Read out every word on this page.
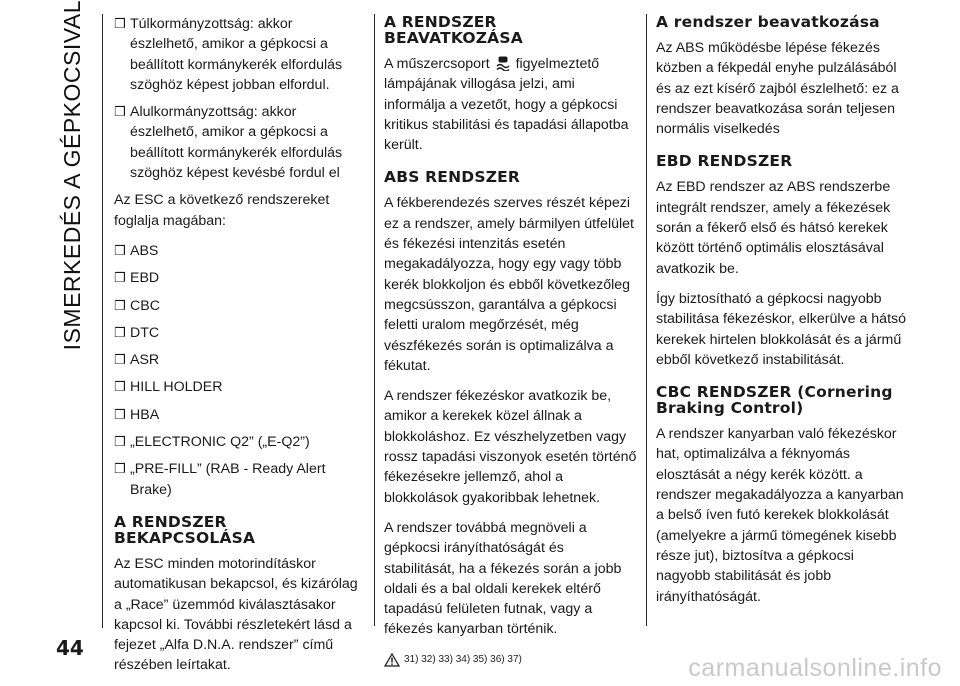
ISMERKEDÉS A GÉPKOCSIVAL ❒ Túlkormányzottság: akkor észlelhető, amikor a gépkocsi a beállított kormánykerék elfordulás szöghöz képest jobban elfordul.
❒ Alulkormányzottság: akkor észlelhető, amikor a gépkocsi a beállított kormánykerék elfordulás szöghöz képest kevésbé fordul el

Az ESC a következő rendszereket foglalja magában:

❒ ABS
❒ EBD
❒ CBC
❒ DTC
❒ ASR
❒ HILL HOLDER
❒ HBA
❒ „ELECTRONIC Q2” („E-Q2”)
❒ „PRE-FILL” (RAB - Ready Alert Brake)
A RENDSZER BEKAPCSOLÁSA

Az ESC minden motorindításkor automatikusan bekapcsol, és kizárólag a „Race” üzemmód kiválasztásakor kapcsol ki. További részletekért lásd a fejezet „Alfa D.N.A. rendszer” című részében leírtakat.

A RENDSZER BEAVATKOZÁSA

A műszercsoport figyelmeztető lámpájának villogása jelzi, ami informálja a vezetőt, hogy a gépkocsi kritikus stabilitási és tapadási állapotba került.

ABS RENDSZER

A fékberendezés szerves részét képezi ez a rendszer, amely bármilyen útfelület és fékezési intenzitás esetén megakadályozza, hogy egy vagy több kerék blokkoljon és ebből következőleg megcsússzon, garantálva a gépkocsi feletti uralom megőrzését, még vészfékezés során is optimalizálva a fékutat.

A rendszer fékezéskor avatkozik be, amikor a kerekek közel állnak a blokkoláshoz. Ez vészhelyzetben vagy rossz tapadási viszonyok esetén történő fékezésekre jellemző, ahol a blokkolások gyakoribbak lehetnek.

A rendszer továbbá megnöveli a gépkocsi irányíthatóságát és stabilitását, ha a fékezés során a jobb oldali és a bal oldali kerekek eltérő tapadású felületen futnak, vagy a fékezés kanyarban történik.

31) 32) 33) 34) 35) 36) 37)
A rendszer beavatkozása

Az ABS működésbe lépése fékezés közben a fékpedál enyhe pulzálásából és az ezt kísérő zajból észlelhető: ez a rendszer beavatkozása során teljesen normális viselkedés

EBD RENDSZER

Az EBD rendszer az ABS rendszerbe integrált rendszer, amely a fékezések során a fékerő első és hátsó kerekek között történő optimális elosztásával avatkozik be.

Így biztosítható a gépkocsi nagyobb stabilitása fékezéskor, elkerülve a hátsó kerekek hirtelen blokkolását és a jármű ebből következő instabilitását.

CBC RENDSZER (Cornering Braking Control)

A rendszer kanyarban való fékezéskor hat, optimalizálva a féknyomás elosztását a négy kerék között. a rendszer megakadályozza a kanyarban a belső íven futó kerekek blokkolását (amelyekre a jármű tömegének kisebb része jut), biztosítva a gépkocsi nagyobb stabilitását és jobb irányíthatóságát.

44
carmanualsonline.info
